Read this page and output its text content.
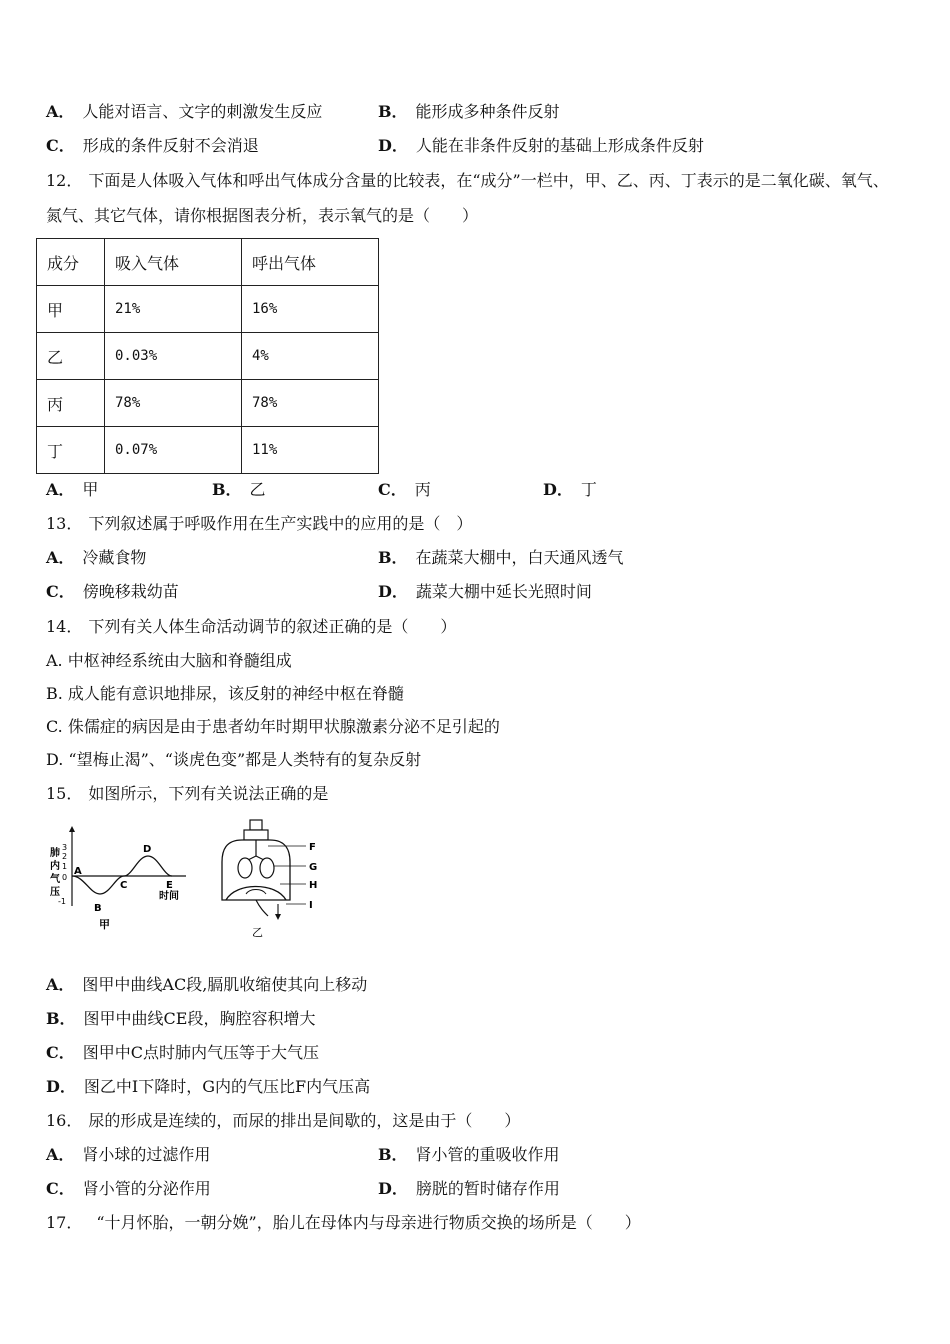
A． 人能对语言、文字的刺激发生反应	B． 能形成多种条件反射
C． 形成的条件反射不会消退	D． 人能在非条件反射的基础上形成条件反射
12． 下面是人体吸入气体和呼出气体成分含量的比较表，在“成分”一栏中，甲、乙、丙、丁表示的是二氧化碳、氧气、
氮气、其它气体，请你根据图表分析，表示氧气的是（　　）
成分	吸入气体	呼出气体
甲	21%	16%
乙	0.03%	4%
丙	78%	78%
丁	0.07%	11%
A． 甲	B． 乙	C． 丙	D． 丁
13． 下列叙述属于呼吸作用在生产实践中的应用的是（　）
A． 冷藏食物	B． 在蔬菜大棚中，白天通风透气
C． 傍晚移栽幼苗	D． 蔬菜大棚中延长光照时间
14． 下列有关人体生命活动调节的叙述正确的是（　　）
A. 中枢神经系统由大脑和脊髓组成
B. 成人能有意识地排尿，该反射的神经中枢在脊髓
C. 侏儒症的病因是由于患者幼年时期甲状腺激素分泌不足引起的
D. “望梅止渴”、“谈虎色变”都是人类特有的复杂反射
15． 如图所示，下列有关说法正确的是
肺
内
气
压
3
2
1
0
-1
A
B
C
D
E
时间
甲
F
G
H
I
乙
A． 图甲中曲线AC段,膈肌收缩使其向上移动
B． 图甲中曲线CE段，胸腔容积增大
C． 图甲中C点时肺内气压等于大气压
D． 图乙中I下降时，G内的气压比F内气压高
16． 尿的形成是连续的，而尿的排出是间歇的，这是由于（　　）
A． 肾小球的过滤作用	B． 肾小管的重吸收作用
C． 肾小管的分泌作用	D． 膀胱的暂时储存作用
17．　“十月怀胎，一朝分娩”，胎儿在母体内与母亲进行物质交换的场所是（　　）
